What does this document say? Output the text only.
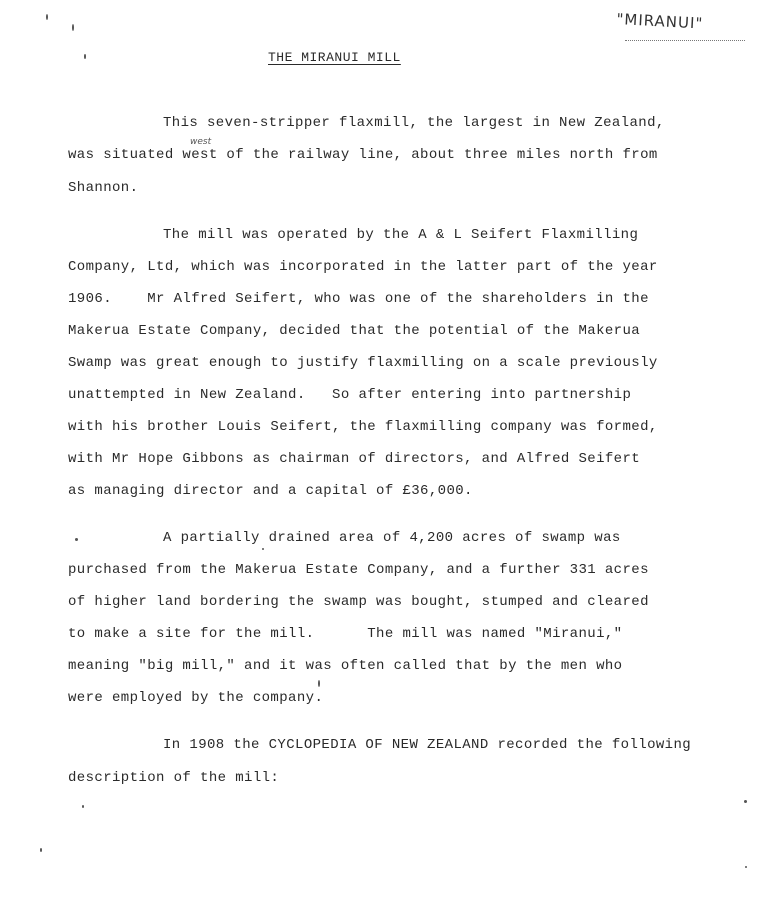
"MIRANUI"
THE MIRANUI MILL
This seven-stripper flaxmill, the largest in New Zealand,
west
was situated west of the railway line, about three miles north from
Shannon.
The mill was operated by the A & L Seifert Flaxmilling
Company, Ltd, which was incorporated in the latter part of the year
1906.    Mr Alfred Seifert, who was one of the shareholders in the
Makerua Estate Company, decided that the potential of the Makerua
Swamp was great enough to justify flaxmilling on a scale previously
unattempted in New Zealand.   So after entering into partnership
with his brother Louis Seifert, the flaxmilling company was formed,
with Mr Hope Gibbons as chairman of directors, and Alfred Seifert
as managing director and a capital of £36,000.
A partially drained area of 4,200 acres of swamp was
purchased from the Makerua Estate Company, and a further 331 acres
of higher land bordering the swamp was bought, stumped and cleared
to make a site for the mill.      The mill was named "Miranui,"
meaning "big mill," and it was often called that by the men who
were employed by the company.
In 1908 the CYCLOPEDIA OF NEW ZEALAND recorded the following
description of the mill:
